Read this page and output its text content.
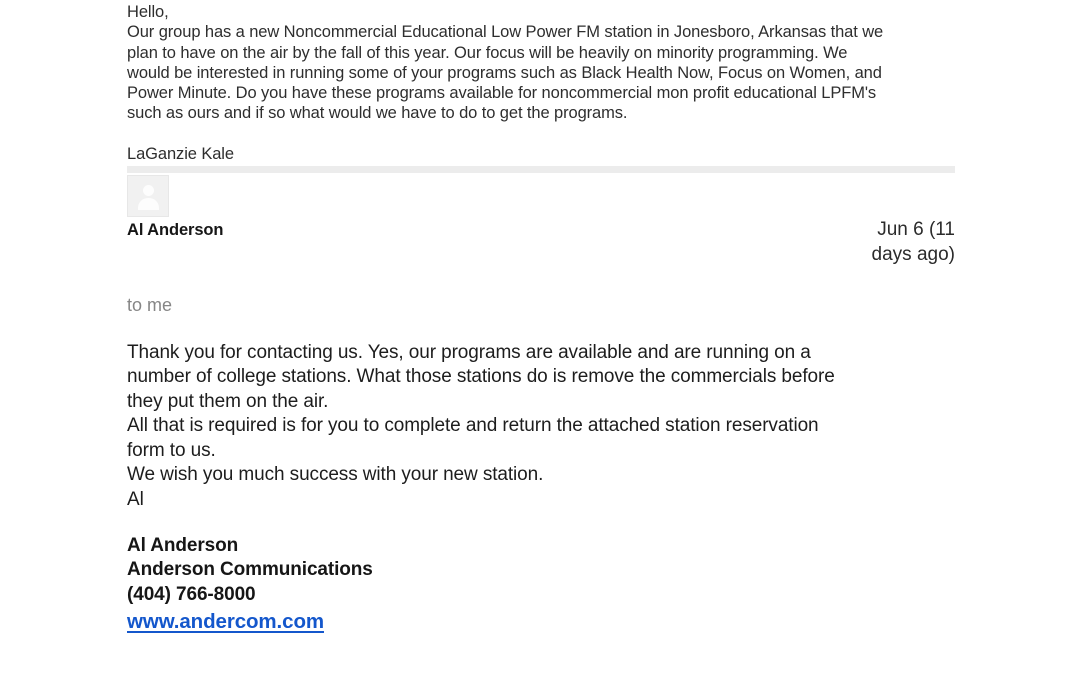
Hello,
Our group has a new Noncommercial Educational Low Power FM station in Jonesboro, Arkansas that we
plan to have on the air by the fall of this year. Our focus will be heavily on minority programming. We
would be interested in running some of your programs such as Black Health Now, Focus on Women, and
Power Minute. Do you have these programs available for noncommercial mon profit educational LPFM's
such as ours and if so what would we have to do to get the programs.
LaGanzie Kale
Al Anderson	Jun 6 (11
days ago)
to me
Thank you for contacting us. Yes, our programs are available and are running on a
number of college stations. What those stations do is remove the commercials before
they put them on the air.
All that is required is for you to complete and return the attached station reservation
form to us.
We wish you much success with your new station.
Al
Al Anderson
Anderson Communications
(404) 766-8000
www.andercom.com
